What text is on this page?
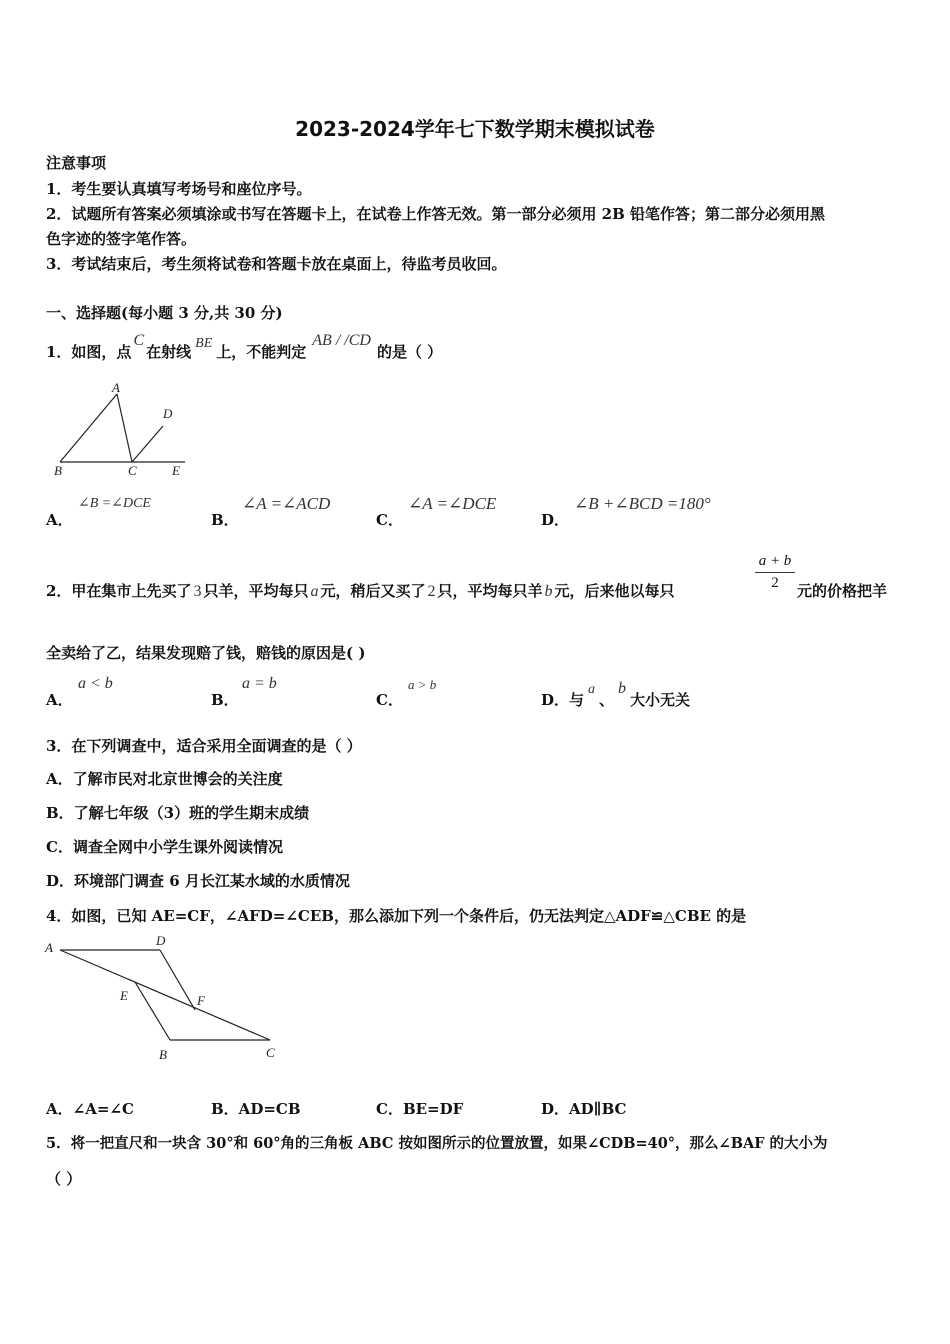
2023-2024学年七下数学期末模拟试卷
注意事项
1．考生要认真填写考场号和座位序号。
2．试题所有答案必须填涂或书写在答题卡上，在试卷上作答无效。第一部分必须用 2B 铅笔作答；第二部分必须用黑
色字迹的签字笔作答。
3．考试结束后，考生须将试卷和答题卡放在桌面上，待监考员收回。
一、选择题(每小题 3 分,共 30 分)
1．如图，点C在射线 BE 上，不能判定AB / /CD的是（ ）
A
B	C
D
E
A．
∠B =∠DCE
B．
∠A =∠ACD
C．
∠A =∠DCE
D．
∠B +∠BCD =180°
2．甲在集市上先买了 3 只羊，平均每只 a 元，稍后又买了 2 只，平均每只羊 b 元，后来他以每只
a + b
2	元的价格把羊
全卖给了乙，结果发现赔了钱，赔钱的原因是( )
A．
a < b
B．
a = b
C．
a > b
D．与a、b大小无关
3．在下列调查中，适合采用全面调查的是（ ）
A．了解市民对北京世博会的关注度
B．了解七年级（3）班的学生期末成绩
C．调查全网中小学生课外阅读情况
D．环境部门调查 6 月长江某水域的水质情况
4．如图，已知 AE=CF，∠AFD=∠CEB，那么添加下列一个条件后，仍无法判定△ADF≌△CBE 的是
A	D
E	F
B	C
A．∠A=∠C	B．AD=CB	C．BE=DF	D．AD∥BC
5．将一把直尺和一块含 30°和 60°角的三角板 ABC 按如图所示的位置放置，如果∠CDB=40°，那么∠BAF 的大小为
（ ）
